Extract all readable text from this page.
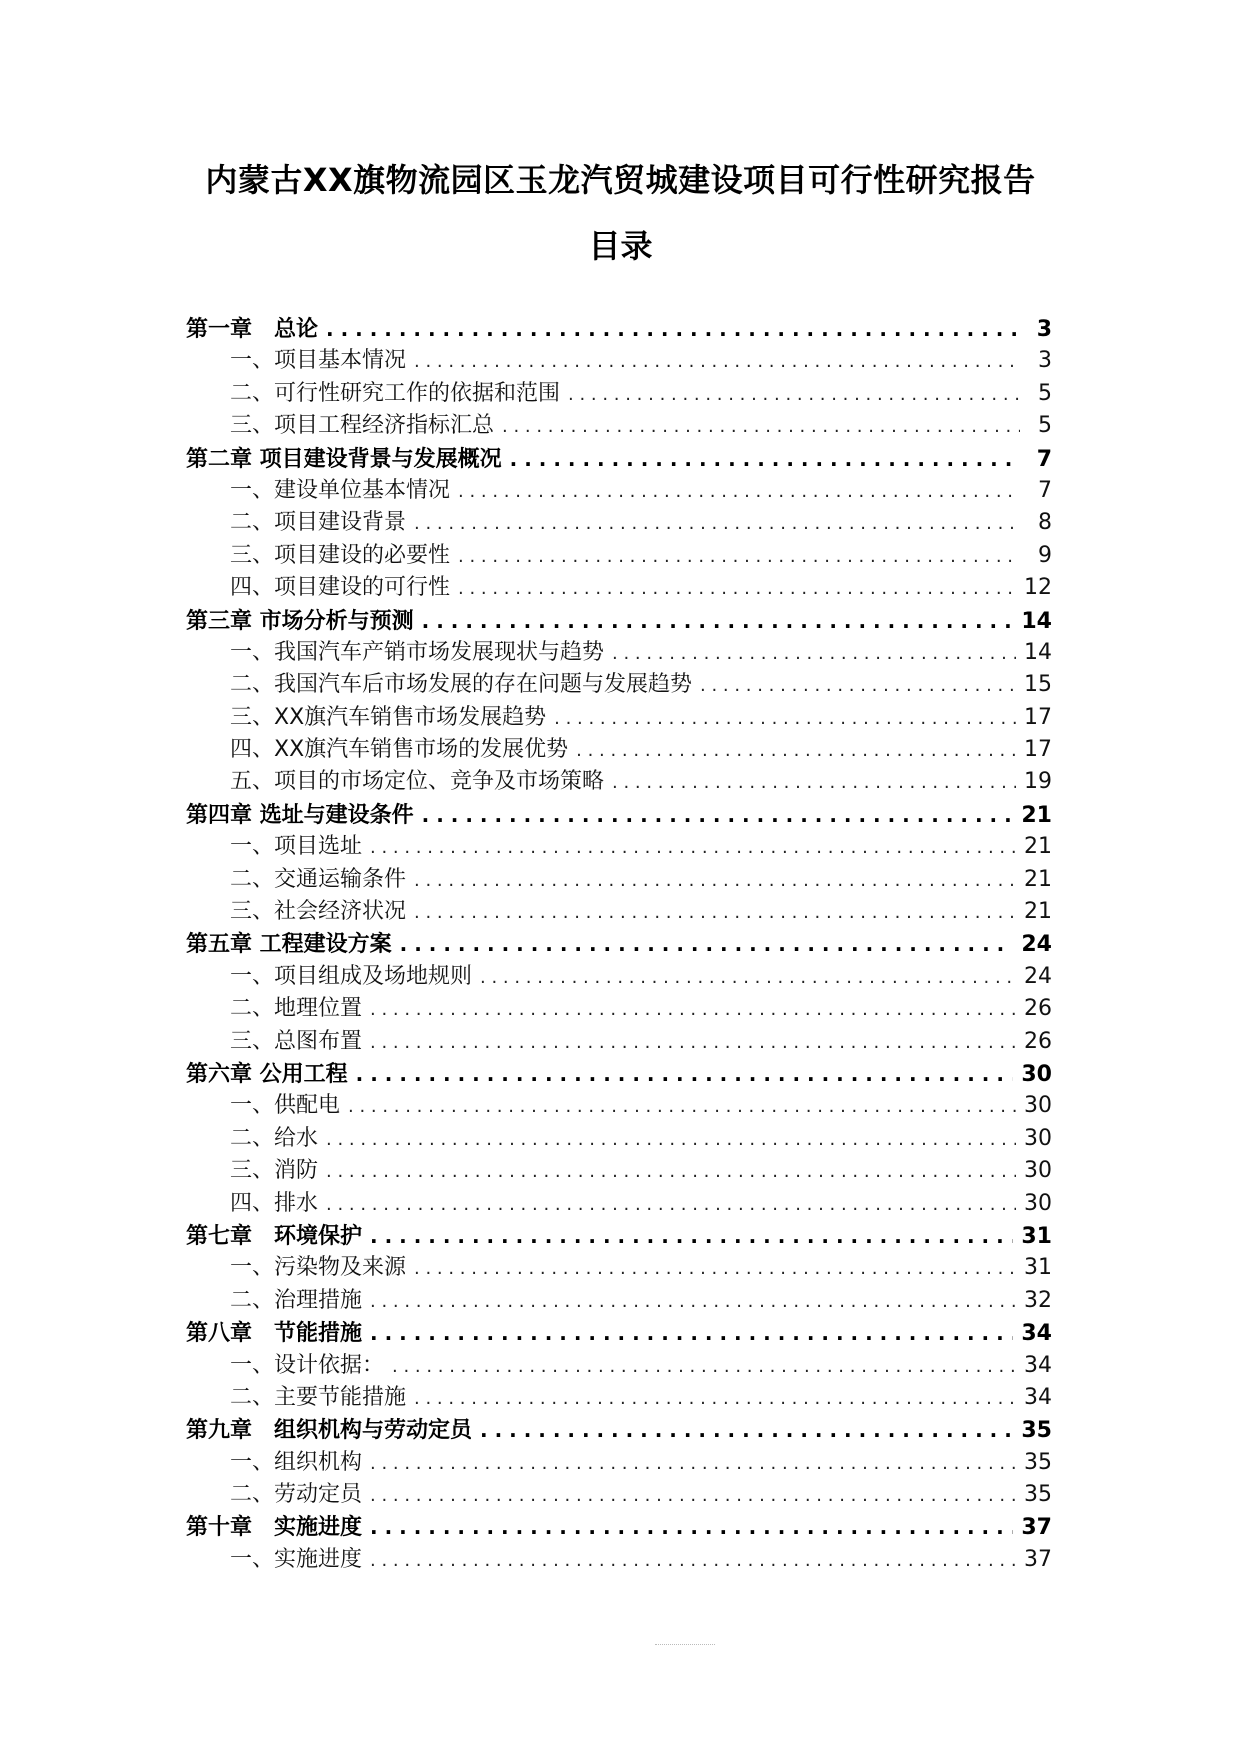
内蒙古XX旗物流园区玉龙汽贸城建设项目可行性研究报告
目录
第一章　总论 . . .	3
一、项目基本情况 . . .	3
二、可行性研究工作的依据和范围 . . .	5
三、项目工程经济指标汇总 . . .	5
第二章 项目建设背景与发展概况 . . .	7
一、建设单位基本情况 . . .	7
二、项目建设背景 . . .	8
三、项目建设的必要性 . . .	9
四、项目建设的可行性 . . .	12
第三章 市场分析与预测 . . .	14
一、我国汽车产销市场发展现状与趋势 . . .	14
二、我国汽车后市场发展的存在问题与发展趋势 . . .	15
三、XX旗汽车销售市场发展趋势 . . .	17
四、XX旗汽车销售市场的发展优势 . . .	17
五、项目的市场定位、竞争及市场策略 . . .	19
第四章 选址与建设条件 . . .	21
一、项目选址 . . .	21
二、交通运输条件 . . .	21
三、社会经济状况 . . .	21
第五章 工程建设方案 . . .	24
一、项目组成及场地规则 . . .	24
二、地理位置 . . .	26
三、总图布置 . . .	26
第六章 公用工程 . . .	30
一、供配电 . . .	30
二、给水 . . .	30
三、消防 . . .	30
四、排水 . . .	30
第七章　环境保护 . . .	31
一、污染物及来源 . . .	31
二、治理措施 . . .	32
第八章　节能措施 . . .	34
一、设计依据： . . .	34
二、主要节能措施 . . .	34
第九章　组织机构与劳动定员 . . .	35
一、组织机构 . . .	35
二、劳动定员 . . .	35
第十章　实施进度 . . .	37
一、实施进度 . . .	37
